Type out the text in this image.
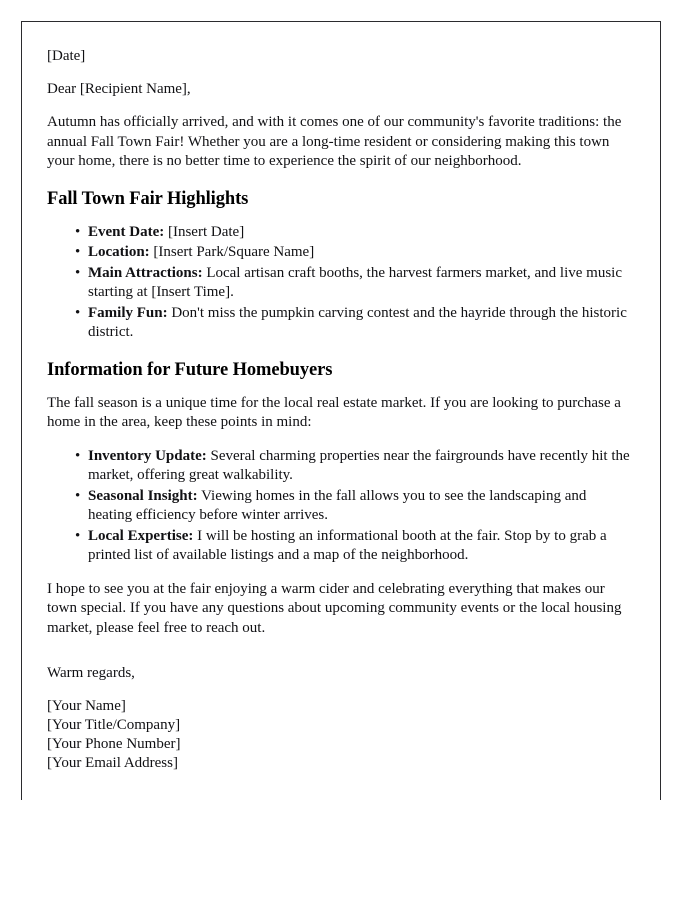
[Date]

Dear [Recipient Name],

Autumn has officially arrived, and with it comes one of our community's favorite traditions: the annual Fall Town Fair! Whether you are a long-time resident or considering making this town your home, there is no better time to experience the spirit of our neighborhood.

Fall Town Fair Highlights
• Event Date: [Insert Date]
• Location: [Insert Park/Square Name]
• Main Attractions: Local artisan craft booths, the harvest farmers market, and live music starting at [Insert Time].
• Family Fun: Don't miss the pumpkin carving contest and the hayride through the historic district.
Information for Future Homebuyers

The fall season is a unique time for the local real estate market. If you are looking to purchase a home in the area, keep these points in mind:

• Inventory Update: Several charming properties near the fairgrounds have recently hit the market, offering great walkability.
• Seasonal Insight: Viewing homes in the fall allows you to see the landscaping and heating efficiency before winter arrives.
• Local Expertise: I will be hosting an informational booth at the fair. Stop by to grab a printed list of available listings and a map of the neighborhood.

I hope to see you at the fair enjoying a warm cider and celebrating everything that makes our town special. If you have any questions about upcoming community events or the local housing market, please feel free to reach out.

Warm regards,

[Your Name]

[Your Title/Company]

[Your Phone Number]

[Your Email Address]
